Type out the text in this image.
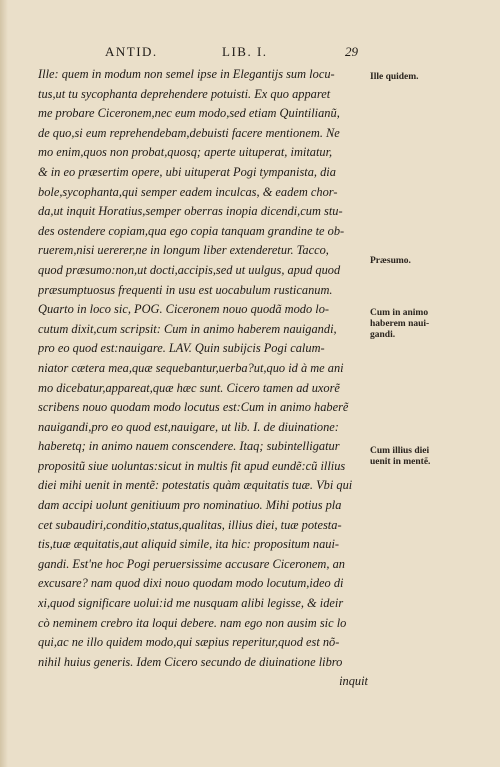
ANTID.	LIB. I.	29
Ille: quem in modum non semel ipse in Elegantijs sum locu-
tus,ut tu sycophanta deprehendere potuisti. Ex quo apparet
me probare Ciceronem,nec eum modo,sed etiam Quintilianũ,
de quo,si eum reprehendebam,debuisti facere mentionem. Ne
mo enim,quos non probat,quosq; aperte uituperat, imitatur,
& in eo præsertim opere, ubi uituperat Pogi tympanista, dia
bole,sycophanta,qui semper eadem inculcas, & eadem chor-
da,ut inquit Horatius,semper oberras inopia dicendi,cum stu-
des ostendere copiam,qua ego copia tanquam grandine te ob-
ruerem,nisi uererer,ne in longum liber extenderetur. Tacco,
quod præsumo:non,ut docti,accipis,sed ut uulgus, apud quod
præsumptuosus frequenti in usu est uocabulum rusticanum.
Quarto in loco sic, POG. Ciceronem nouo quodã modo lo-
cutum dixit,cum scripsit: Cum in animo haberem nauigandi,
pro eo quod est:nauigare. LAV. Quin subijcis Pogi calum-
niator cætera mea,quæ sequebantur,uerba?ut,quo id à me ani
mo dicebatur,appareat,quæ hæc sunt. Cicero tamen ad uxorẽ
scribens nouo quodam modo locutus est:Cum in animo haberẽ
nauigandi,pro eo quod est,nauigare, ut lib. I. de diuinatione:
haberetq; in animo nauem conscendere. Itaq; subintelligatur
propositũ siue uoluntas:sicut in multis fit apud eundẽ:cũ illius
diei mihi uenit in mentẽ: potestatis quàm æquitatis tuæ. Vbi qui
dam accipi uolunt genitiuum pro nominatiuo. Mihi potius pla
cet subaudiri,conditio,status,qualitas, illius diei, tuæ potesta-
tis,tuæ æquitatis,aut aliquid simile, ita hic: propositum naui-
gandi. Est'ne hoc Pogi peruersissime accusare Ciceronem, an
excusare? nam quod dixi nouo quodam modo locutum,ideo di
xi,quod significare uolui:id me nusquam alibi legisse, & ideir
cò neminem crebro ita loqui debere. nam ego non ausim sic lo
qui,ac ne illo quidem modo,qui sæpius reperitur,quod est nõ-
nihil huius generis. Idem Cicero secundo de diuinatione libro
inquit
Ille quidem.
Præsumo.
Cum in animo haberem naui- gandi.
Cum illius diei uenit in mentẽ.
